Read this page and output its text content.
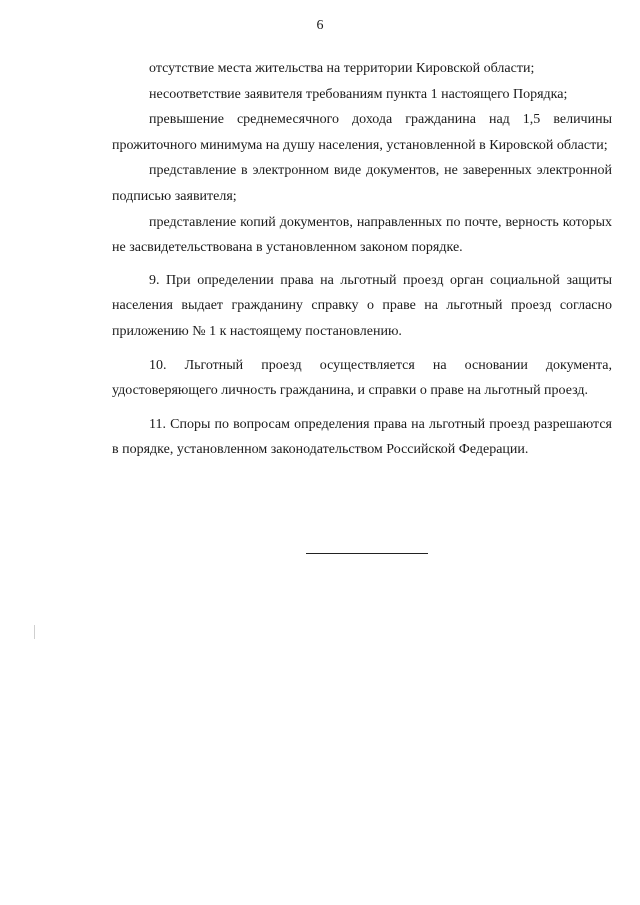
6

отсутствие места жительства на территории Кировской области;

несоответствие заявителя требованиям пункта 1 настоящего Порядка;

превышение среднемесячного дохода гражданина над 1,5 величины прожиточного минимума на душу населения, установленной в Кировской области;

представление в электронном виде документов, не заверенных электронной подписью заявителя;

представление копий документов, направленных по почте, верность которых не засвидетельствована в установленном законом порядке.

9. При определении права на льготный проезд орган социальной защиты населения выдает гражданину справку о праве на льготный проезд согласно приложению № 1 к настоящему постановлению.

10. Льготный проезд осуществляется на основании документа, удостоверяющего личность гражданина, и справки о праве на льготный проезд.

11. Споры по вопросам определения права на льготный проезд разрешаются в порядке, установленном законодательством Российской Федерации.
